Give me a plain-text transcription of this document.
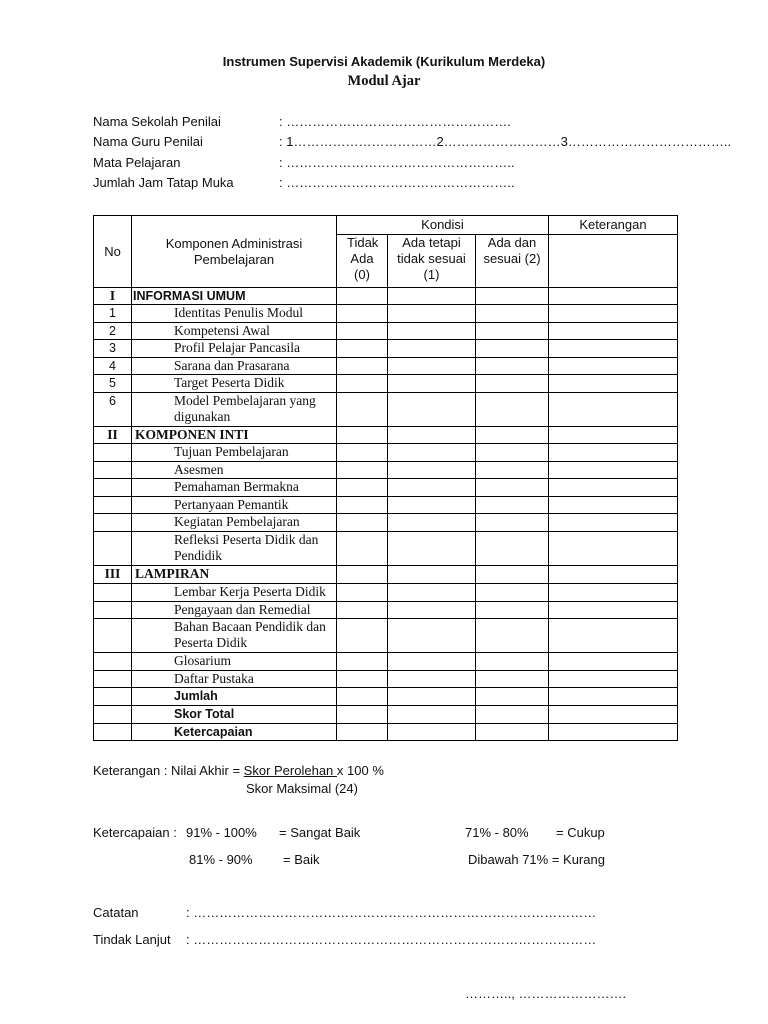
Instrumen Supervisi Akademik (Kurikulum Merdeka)
Modul Ajar
Nama Sekolah Penilai	: …………………………………………….
Nama Guru Penilai	: 1……………………………2………………………3………………………………..
Mata Pelajaran	: ……………………………………………..
Jumlah Jam Tatap Muka	: ……………………………………………..
No	Komponen Administrasi Pembelajaran	Kondisi			Keterangan
		Tidak Ada (0)	Ada tetapi tidak sesuai (1)	Ada dan sesuai (2)	
I	INFORMASI UMUM				
1	Identitas Penulis Modul				
2	Kompetensi Awal				
3	Profil Pelajar Pancasila				
4	Sarana dan Prasarana				
5	Target Peserta Didik				
6	Model Pembelajaran yang digunakan				
II	KOMPONEN INTI				
	Tujuan Pembelajaran				
	Asesmen				
	Pemahaman Bermakna				
	Pertanyaan Pemantik				
	Kegiatan Pembelajaran				
	Refleksi Peserta Didik dan Pendidik				
III	LAMPIRAN				
	Lembar Kerja Peserta Didik				
	Pengayaan dan Remedial				
	Bahan Bacaan Pendidik dan Peserta Didik				
	Glosarium				
	Daftar Pustaka				
	Jumlah				
	Skor Total				
	Ketercapaian				
Keterangan : Nilai Akhir = Skor Perolehan x 100 %
Skor Maksimal (24)
Ketercapaian : 91% - 100% = Sangat Baik	71% - 80% = Cukup
81% - 90% = Baik	Dibawah 71% = Kurang
Catatan	: …………………………………………………………………………………
Tindak Lanjut : …………………………………………………………………………………
……….., …………………….
